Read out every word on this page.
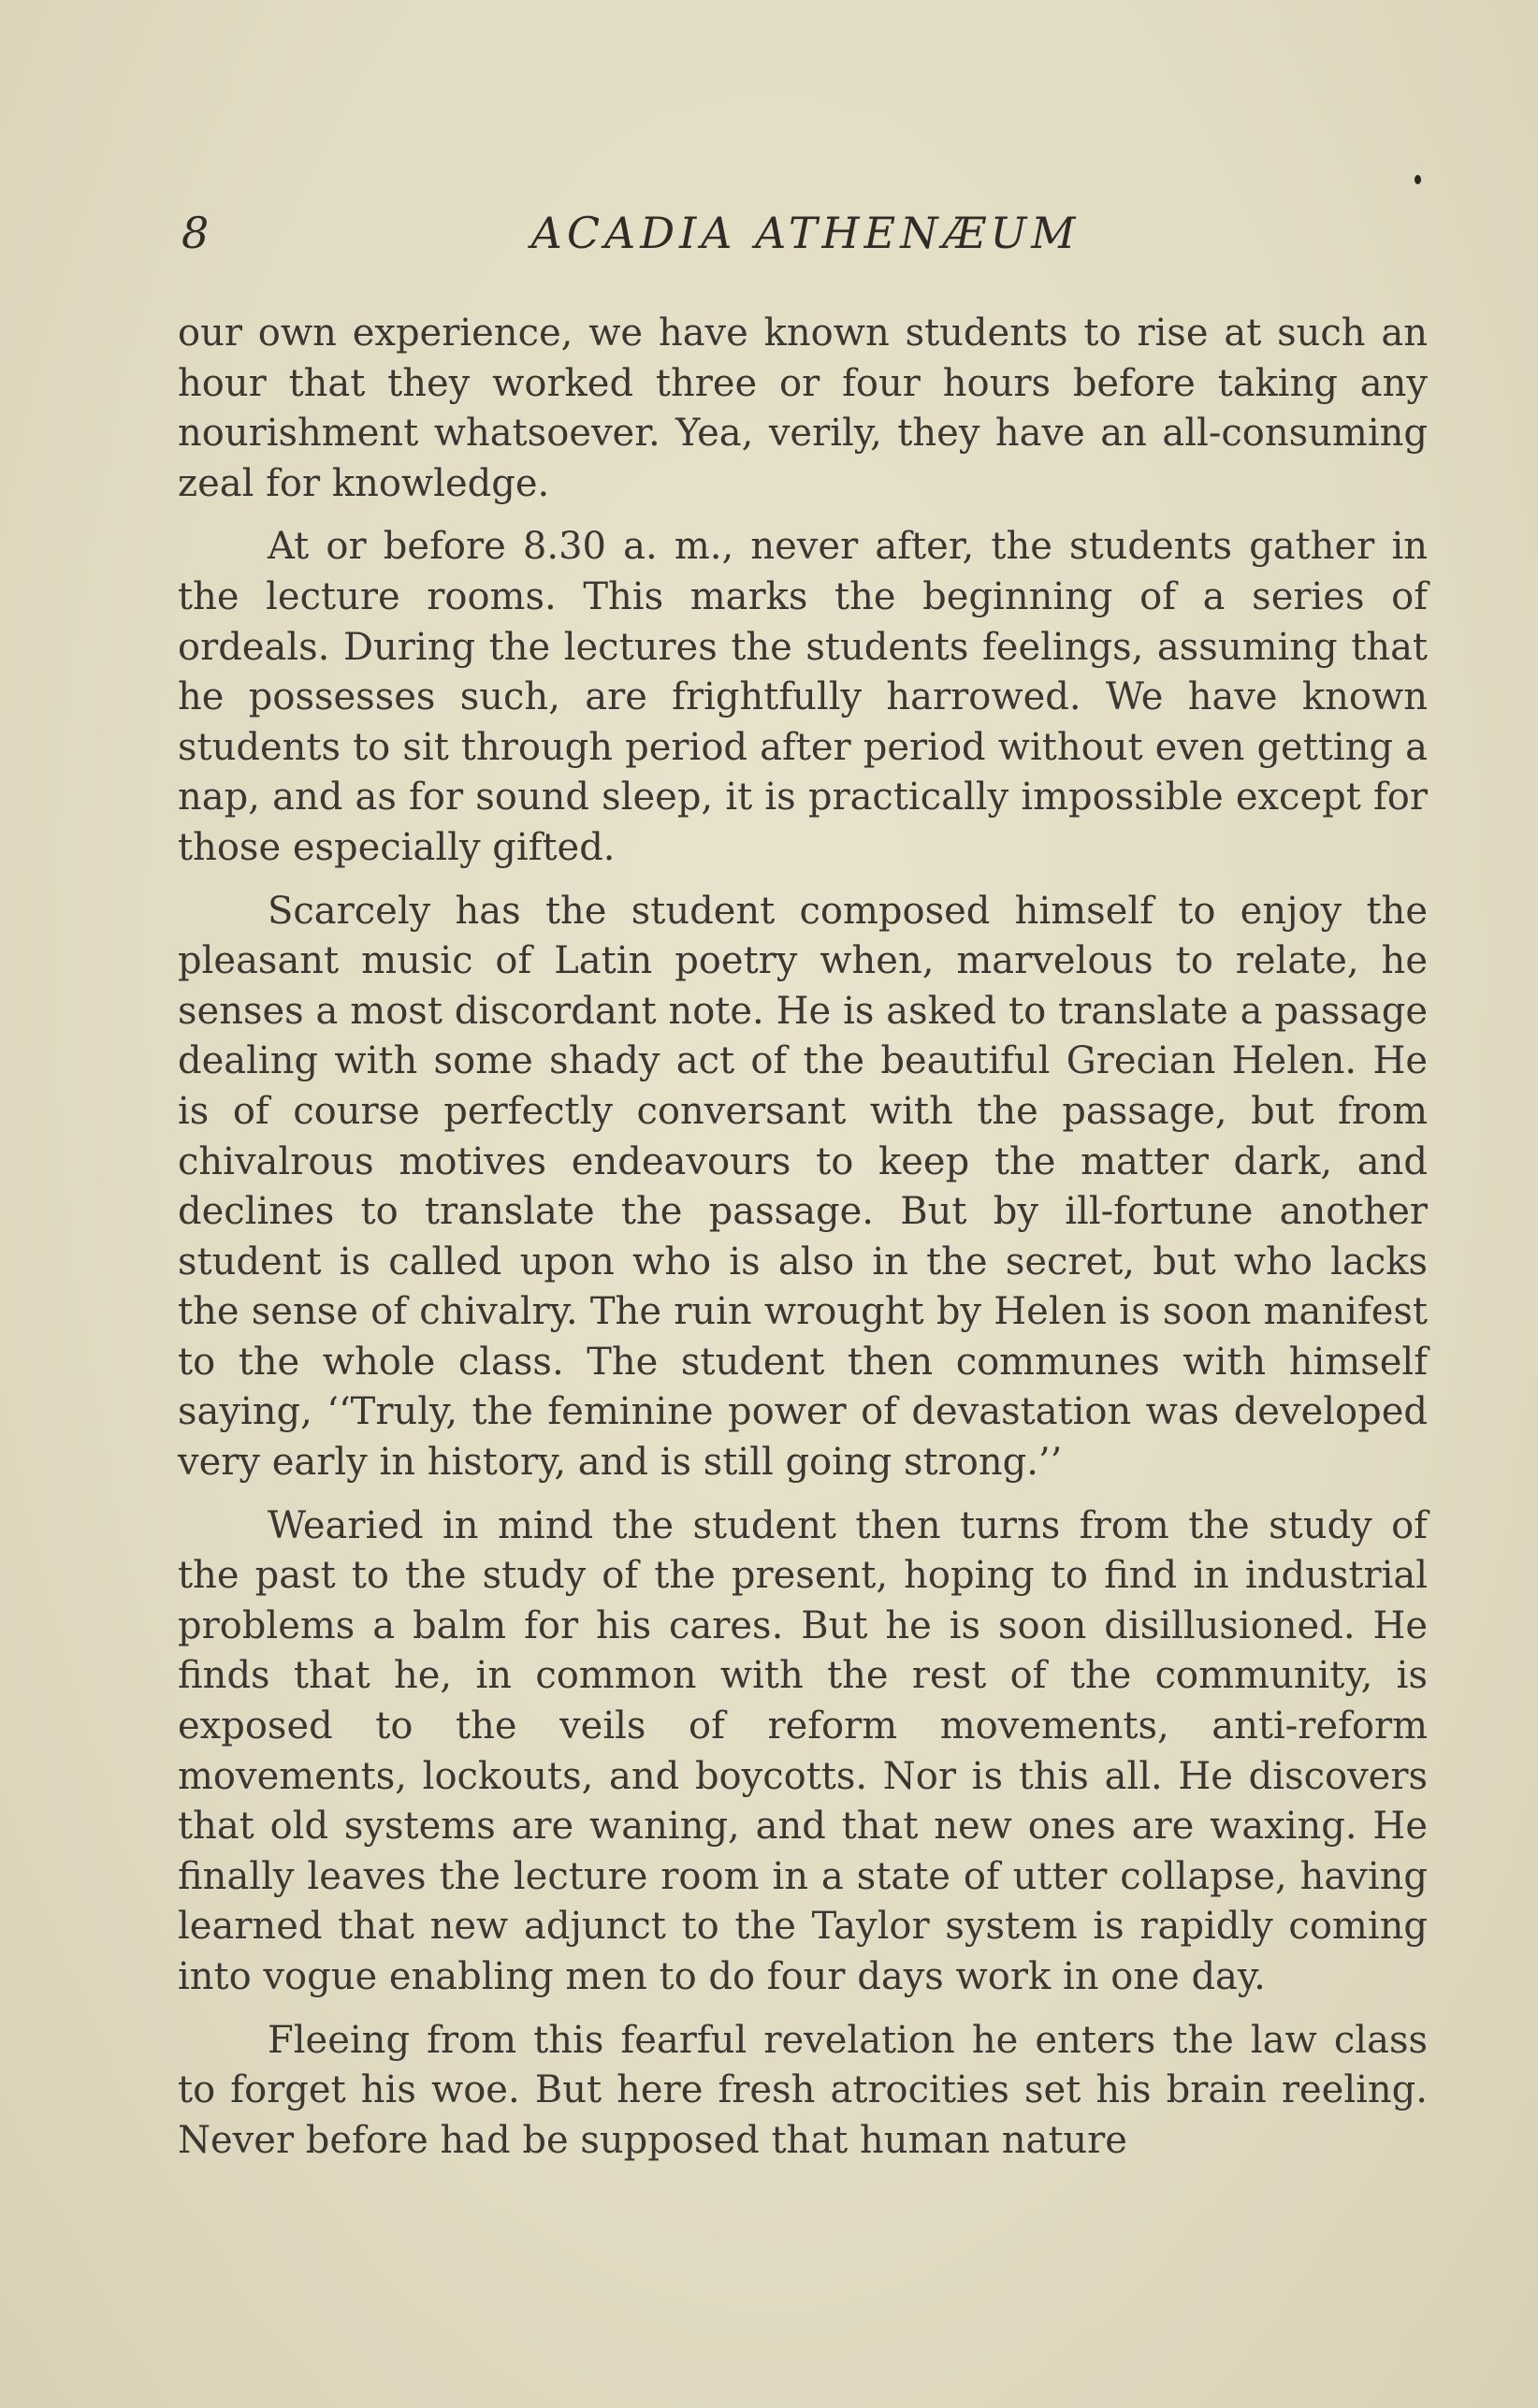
8	ACADIA ATHENÆUM

our own experience, we have known students to rise at such an hour that they worked three or four hours before taking any nourishment whatsoever. Yea, verily, they have an all-consuming zeal for knowledge.

At or before 8.30 a. m., never after, the students gather in the lecture rooms. This marks the beginning of a series of ordeals. During the lectures the students feelings, assuming that he possesses such, are frightfully harrowed. We have known students to sit through period after period without even getting a nap, and as for sound sleep, it is practically impossible except for those especially gifted.

Scarcely has the student composed himself to enjoy the pleasant music of Latin poetry when, marvelous to relate, he senses a most discordant note. He is asked to translate a passage dealing with some shady act of the beautiful Grecian Helen. He is of course perfectly conversant with the passage, but from chivalrous motives endeavours to keep the matter dark, and declines to translate the passage. But by ill-fortune another student is called upon who is also in the secret, but who lacks the sense of chivalry. The ruin wrought by Helen is soon manifest to the whole class. The student then communes with himself saying, ‘‘Truly, the feminine power of devastation was developed very early in history, and is still going strong.’’

Wearied in mind the student then turns from the study of the past to the study of the present, hoping to find in industrial problems a balm for his cares. But he is soon disillusioned. He finds that he, in common with the rest of the community, is exposed to the veils of reform movements, anti-reform movements, lockouts, and boycotts. Nor is this all. He discovers that old systems are waning, and that new ones are waxing. He finally leaves the lecture room in a state of utter collapse, having learned that new adjunct to the Taylor system is rapidly coming into vogue enabling men to do four days work in one day.

Fleeing from this fearful revelation he enters the law class to forget his woe. But here fresh atrocities set his brain reeling. Never before had be supposed that human nature
